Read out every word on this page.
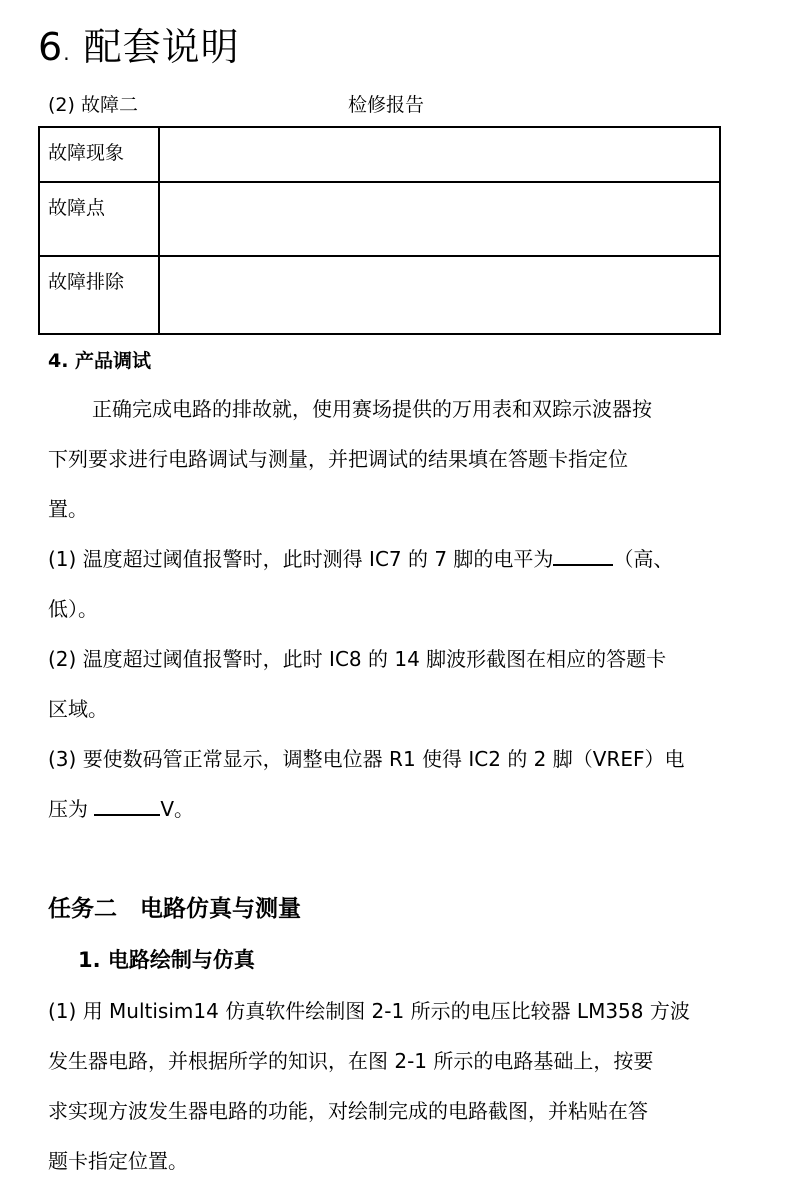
6. 配套说明
(2) 故障二	检修报告
故障现象	
故障点	
故障排除	
4. 产品调试

正确完成电路的排故就，使用赛场提供的万用表和双踪示波器按

下列要求进行电路调试与测量，并把调试的结果填在答题卡指定位

置。

(1) 温度超过阈值报警时，此时测得 IC7 的 7 脚的电平为	（高、

低）。

(2) 温度超过阈值报警时，此时 IC8 的 14 脚波形截图在相应的答题卡

区域。

(3) 要使数码管正常显示，调整电位器 R1 使得 IC2 的 2 脚（VREF）电

压为	V。

任务二　电路仿真与测量
1. 电路绘制与仿真

(1) 用 Multisim14 仿真软件绘制图 2-1 所示的电压比较器 LM358 方波

发生器电路，并根据所学的知识，在图 2-1 所示的电路基础上，按要

求实现方波发生器电路的功能，对绘制完成的电路截图，并粘贴在答

题卡指定位置。
